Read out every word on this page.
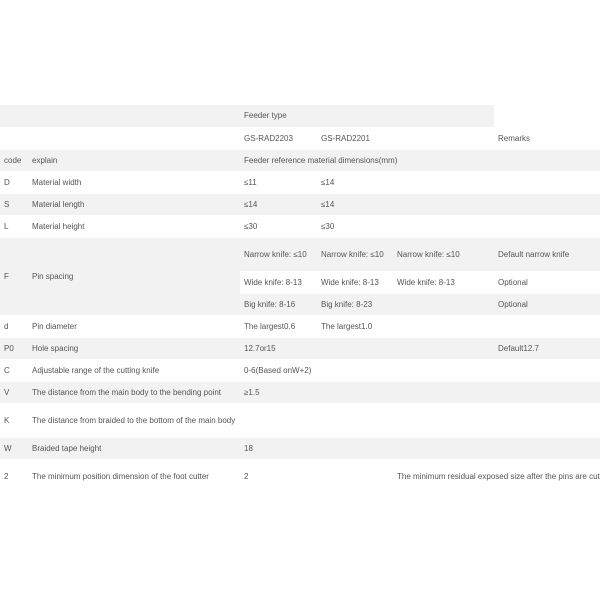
		Feeder type			
		GS-RAD2203	GS-RAD2201		Remarks
code	explain	Feeder reference material dimensions(mm)			
D	Material width	≤11	≤14		
S	Material length	≤14	≤14		
L	Material height	≤30	≤30		
F	Pin spacing	Narrow knife: ≤10	Narrow knife: ≤10	Narrow knife: ≤10	Default narrow knife
		Wide knife: 8-13	Wide knife: 8-13	Wide knife: 8-13	Optional
		Big knife: 8-16	Big knife: 8-23		Optional
d	Pin diameter	The largest0.6	The largest1.0		
P0	Hole spacing	12.7or15			Default12.7
C	Adjustable range of the cutting knife	0-6(Based onW+2)			
V	The distance from the main body to the bending point	≥1.5			
K	The distance from braided to the bottom of the main body				
W	Braided tape height	18			
2	The minimum position dimension of the foot cutter	2		The minimum residual exposed size after the pins are cut	
